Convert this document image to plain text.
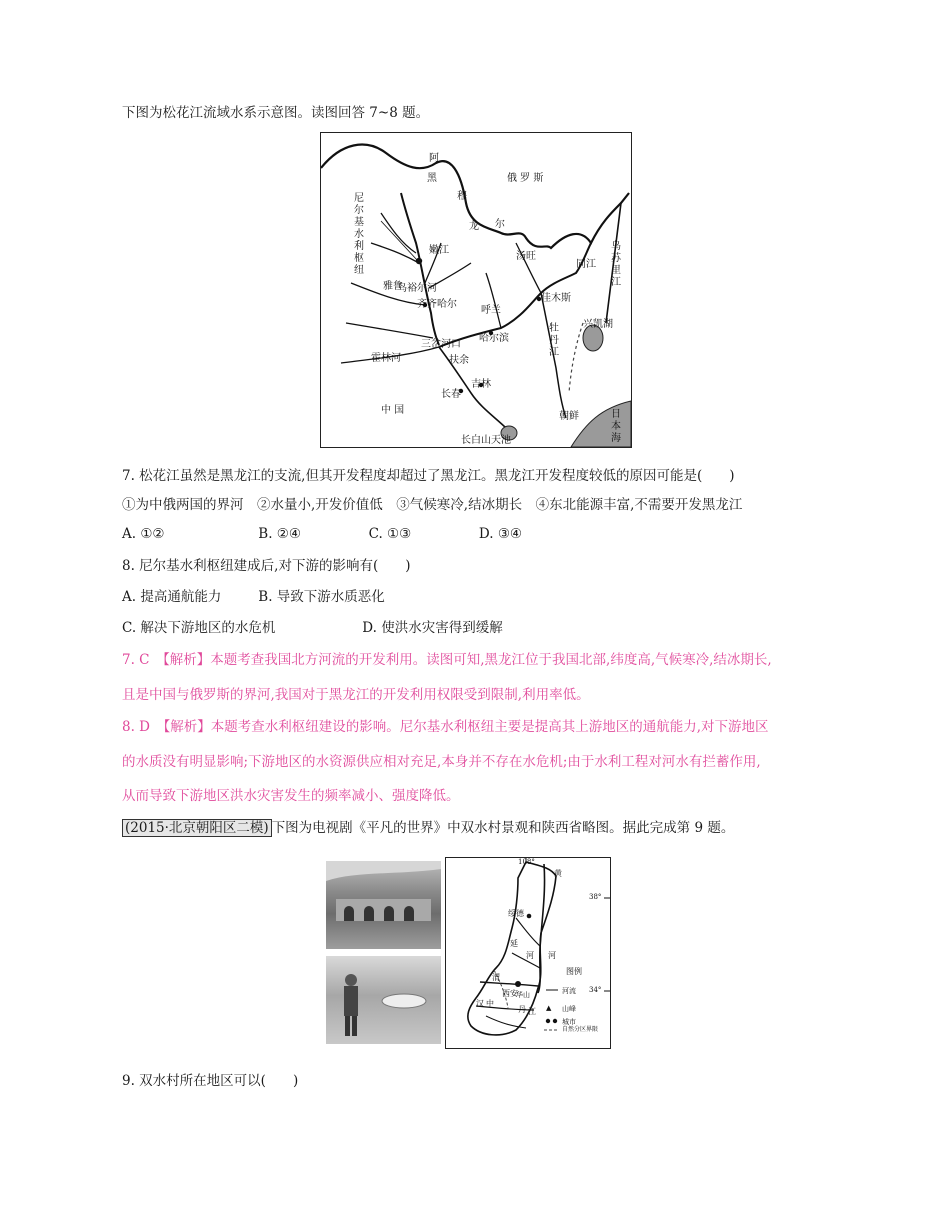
下图为松花江流域水系示意图。读图回答 7~8 题。
阿
黑
穆
俄 罗 斯
尼尔基水利枢纽
嫩江
龙 尔
汤旺
同江
乌苏里江
佳木斯
兴凯湖
乌裕尔河
雅鲁
齐齐哈尔
呼兰
哈尔滨
牡丹江
三岔河口
扶余
霍林河
吉林
长春
中 国
长白山天池
朝鲜	日本海
7. 松花江虽然是黑龙江的支流,但其开发程度却超过了黑龙江。黑龙江开发程度较低的原因可能是(　　)
①为中俄两国的界河　②水量小,开发价值低　③气候寒冷,结冰期长　④东北能源丰富,不需要开发黑龙江
A. ①②	B. ②④	C. ①③	D. ③④
8. 尼尔基水利枢纽建成后,对下游的影响有(　　)
A. 提高通航能力	B. 导致下游水质恶化
C. 解决下游地区的水危机	D. 使洪水灾害得到缓解
7. C　【解析】本题考查我国北方河流的开发利用。读图可知,黑龙江位于我国北部,纬度高,气候寒冷,结冰期长,
且是中国与俄罗斯的界河,我国对于黑龙江的开发利用权限受到限制,利用率低。
8. D　【解析】本题考查水利枢纽建设的影响。尼尔基水利枢纽主要是提高其上游地区的通航能力,对下游地区
的水质没有明显影响;下游地区的水资源供应相对充足,本身并不存在水危机;由于水利工程对河水有拦蓄作用,
从而导致下游地区洪水灾害发生的频率减小、强度降低。
(2015·北京朝阳区二模) 下图为电视剧《平凡的世界》中双水村景观和陕西省略图。据此完成第 9 题。
▲
108°
38°
34°
黄
绥德
延
河 河
渭
西安
华山
汉 中
丹 江
图例
河流
山峰
城市
自然分区界限
9. 双水村所在地区可以(　　)
